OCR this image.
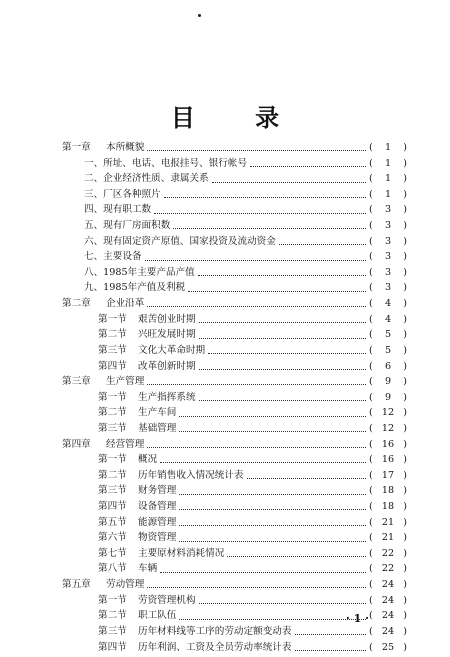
目 录
第一章	本所概貌	(	1	)
一、所址、电话、电报挂号、银行帐号	(	1	)
二、企业经济性质、隶属关系	(	1	)
三、厂区各种照片	(	1	)
四、现有职工数	(	3	)
五、现有厂房面积数	(	3	)
六、现有固定资产原值、国家投资及流动资金	(	3	)
七、主要设备	(	3	)
八、1985年主要产品产值	(	3	)
九、1985年产值及利税	(	3	)
第二章	企业沿革	(	4	)
第一节	艰苦创业时期	(	4	)
第二节	兴旺发展时期	(	5	)
第三节	文化大革命时期	(	5	)
第四节	改革创新时期	(	6	)
第三章	生产管理	(	9	)
第一节	生产指挥系统	(	9	)
第二节	生产车间	( 12 )
第三节	基础管理	( 12 )
第四章	经营管理	( 16 )
第一节	概况	( 16 )
第二节	历年销售收入情况统计表	( 17 )
第三节	财务管理	( 18 )
第四节	设备管理	( 18 )
第五节	能源管理	( 21 )
第六节	物资管理	( 21 )
第七节	主要原材料消耗情况	( 22 )
第八节	车辆	( 22 )
第五章	劳动管理	( 24 )
第一节	劳资管理机构	( 24 )
第二节	职工队伍	( 24 )
第三节	历年材料线等工序的劳动定额变动表	( 24 )
第四节	历年利润、工资及全员劳动率统计表	( 25 )
· 1 ·
